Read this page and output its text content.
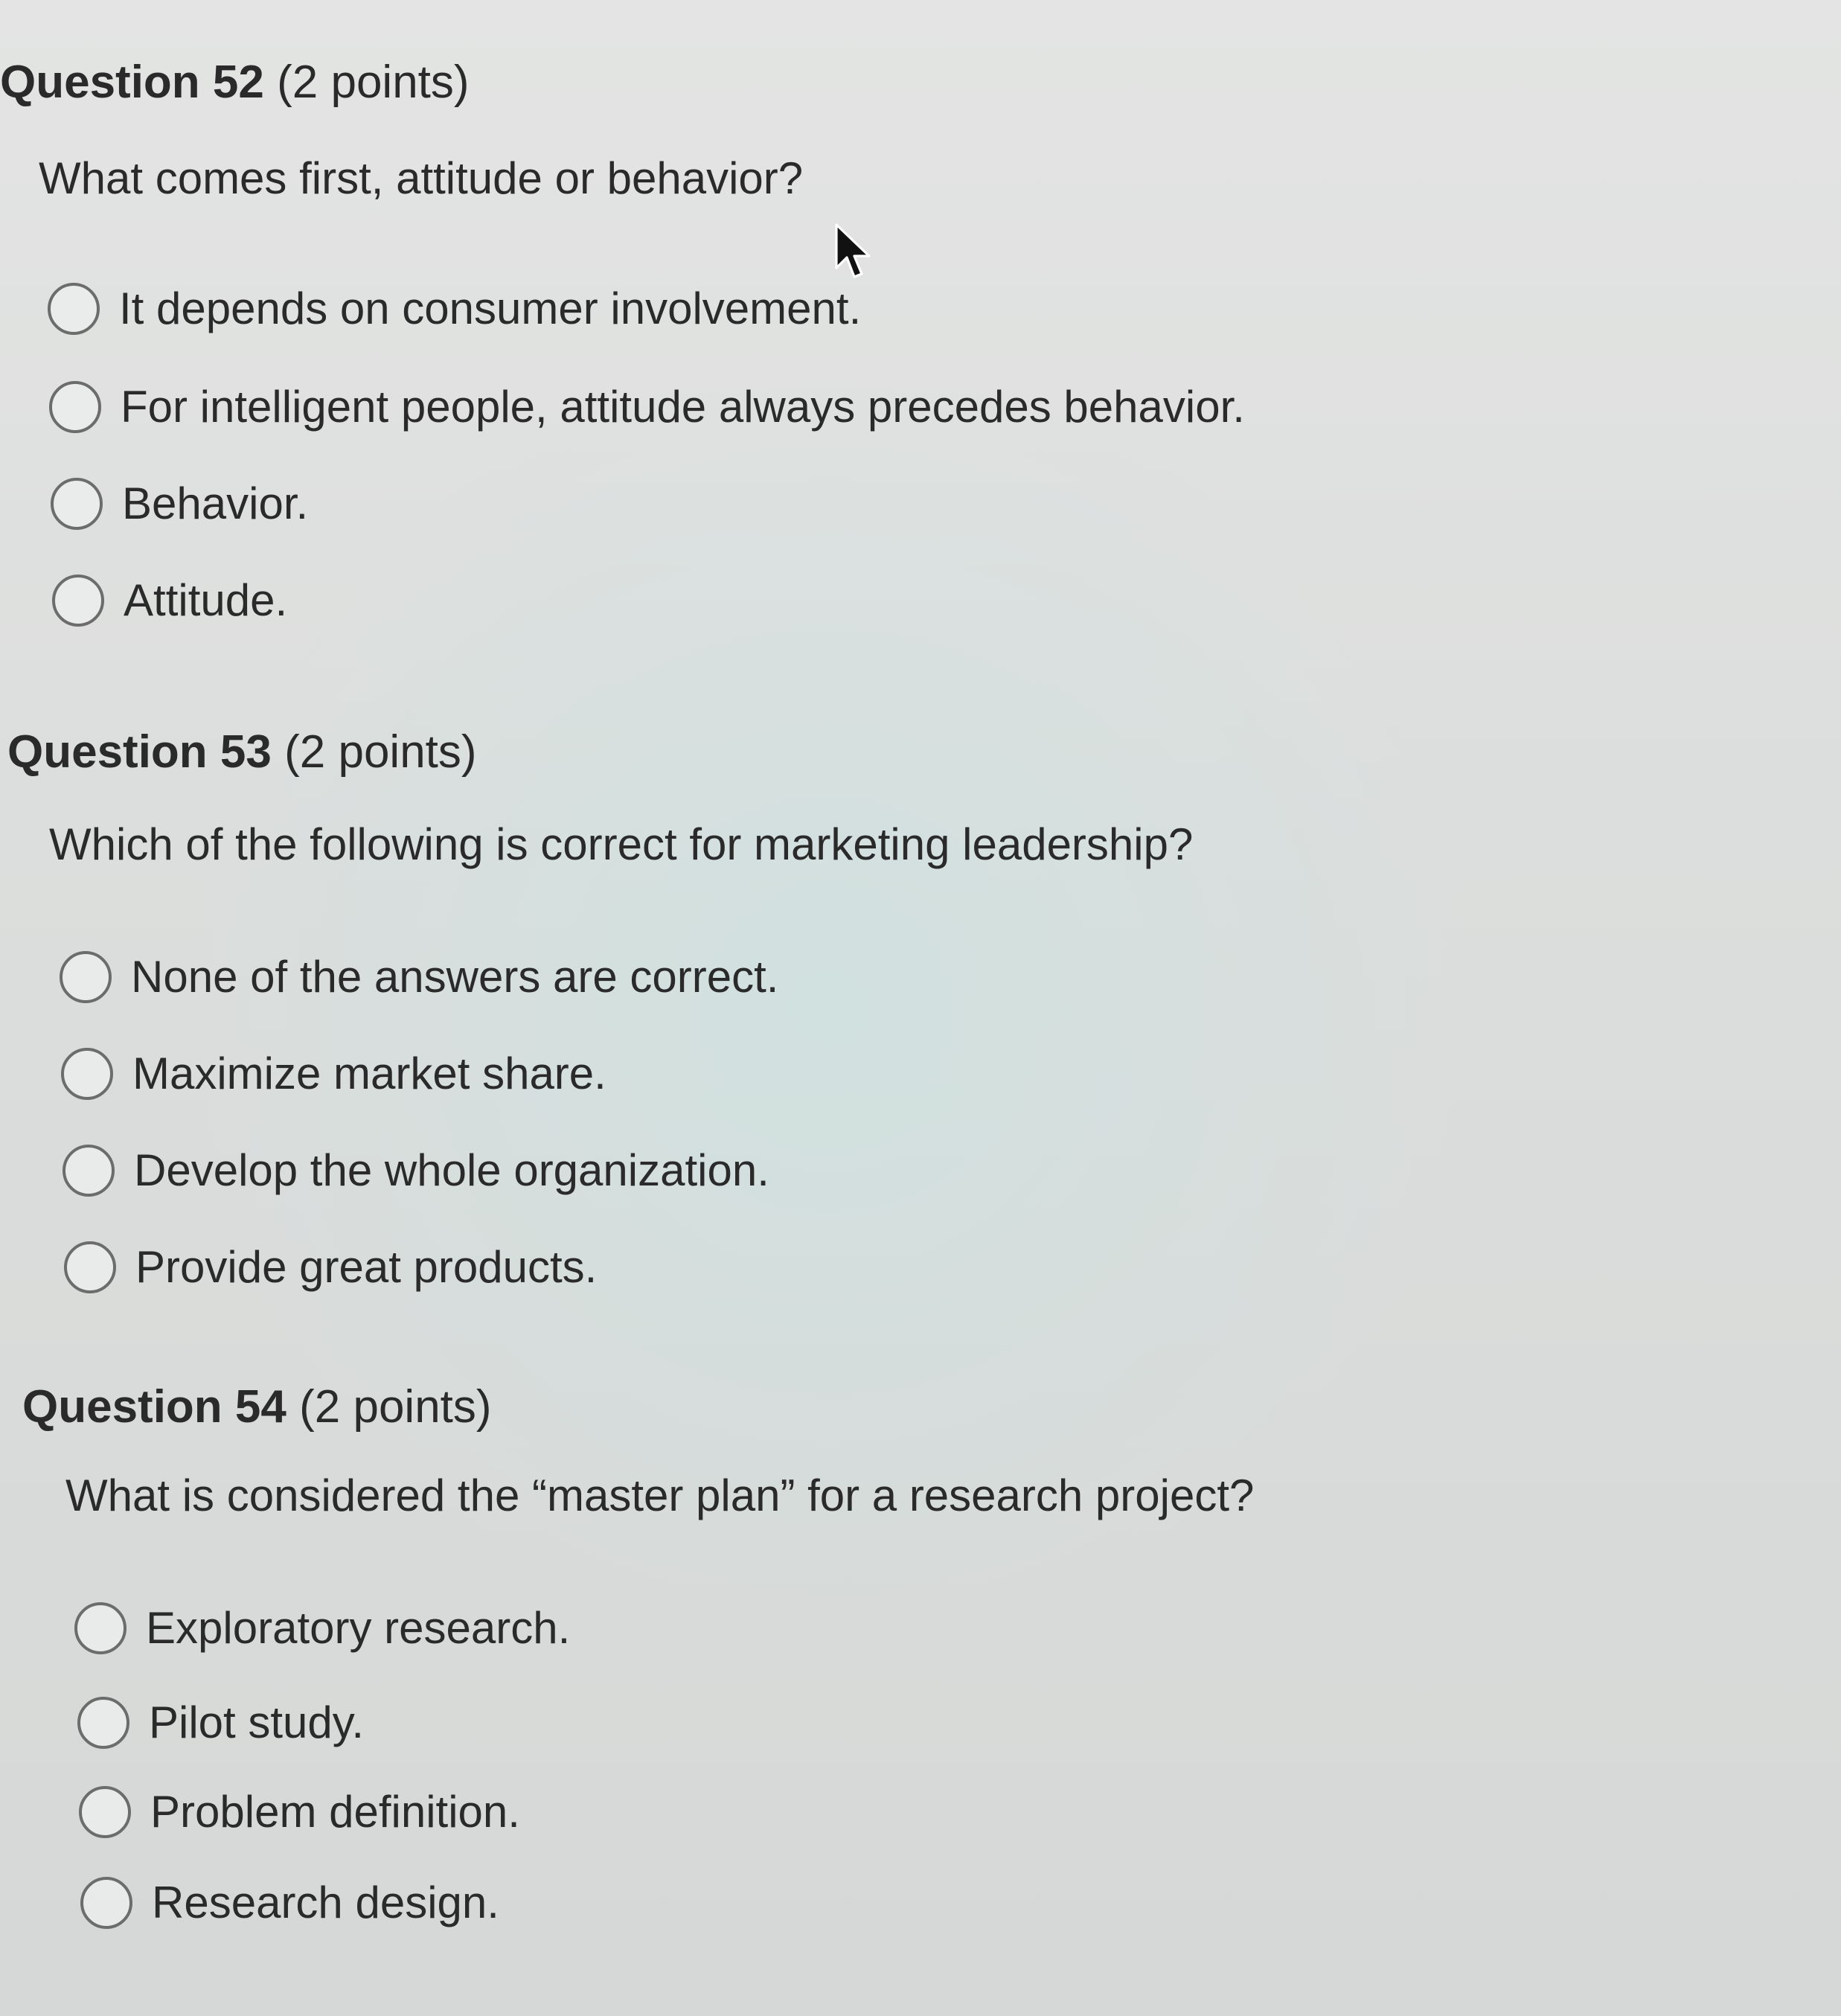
Question 52 (2 points)
What comes first, attitude or behavior?
It depends on consumer involvement.
For intelligent people, attitude always precedes behavior.
Behavior.
Attitude.
Question 53 (2 points)
Which of the following is correct for marketing leadership?
None of the answers are correct.
Maximize market share.
Develop the whole organization.
Provide great products.
Question 54 (2 points)
What is considered the “master plan” for a research project?
Exploratory research.
Pilot study.
Problem definition.
Research design.
